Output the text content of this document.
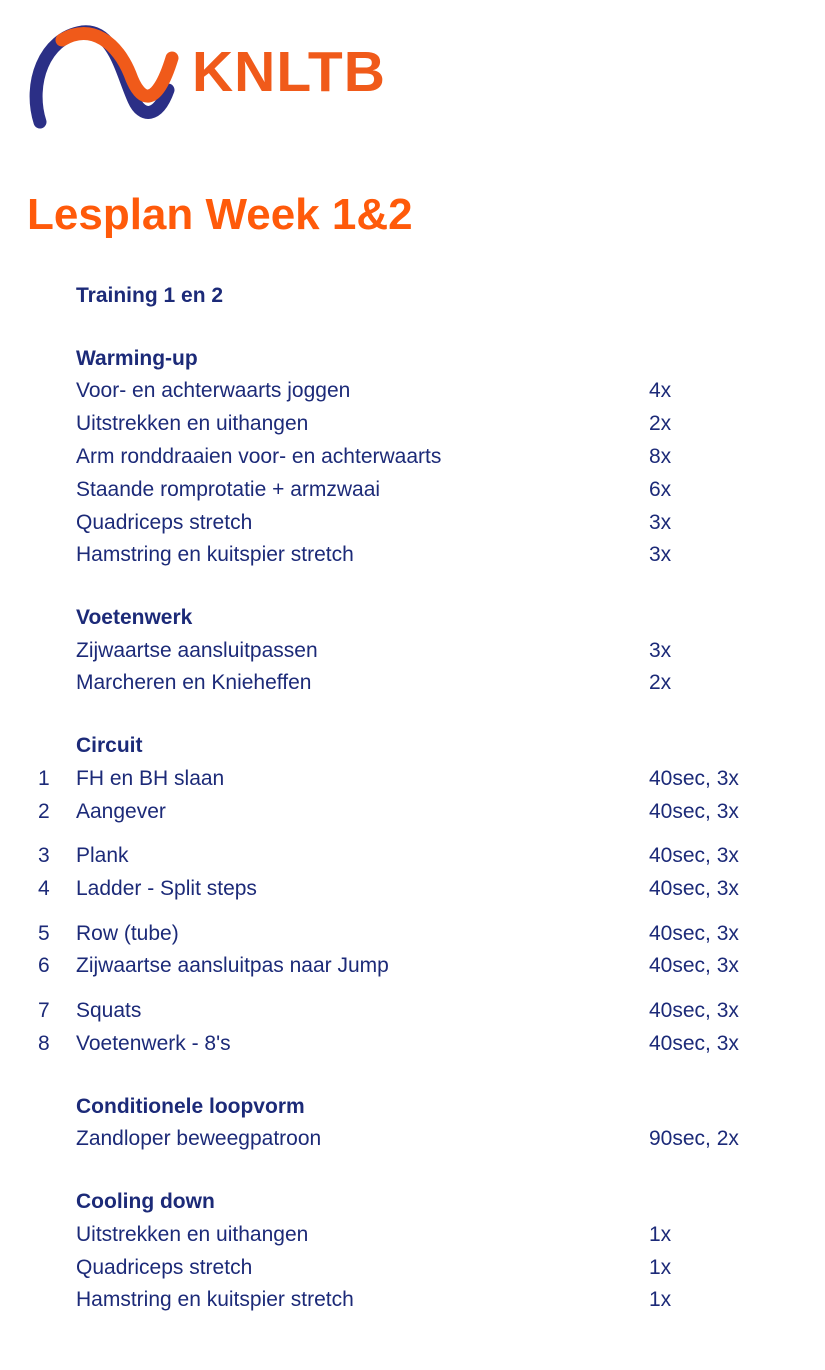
KNLTB
Lesplan Week 1&2
Training 1 en 2
Warming-up
Voor- en achterwaarts joggen	4x
Uitstrekken en uithangen	2x
Arm ronddraaien voor- en achterwaarts	8x
Staande romprotatie + armzwaai	6x
Quadriceps stretch	3x
Hamstring en kuitspier stretch	3x
Voetenwerk
Zijwaartse aansluitpassen	3x
Marcheren en Knieheffen	2x
Circuit
1 FH en BH slaan	40sec, 3x
2 Aangever	40sec, 3x
3 Plank	40sec, 3x
4 Ladder - Split steps	40sec, 3x
5 Row (tube)	40sec, 3x
6 Zijwaartse aansluitpas naar Jump	40sec, 3x
7 Squats	40sec, 3x
8 Voetenwerk - 8's	40sec, 3x
Conditionele loopvorm
Zandloper beweegpatroon	90sec, 2x
Cooling down
Uitstrekken en uithangen	1x
Quadriceps stretch	1x
Hamstring en kuitspier stretch	1x
